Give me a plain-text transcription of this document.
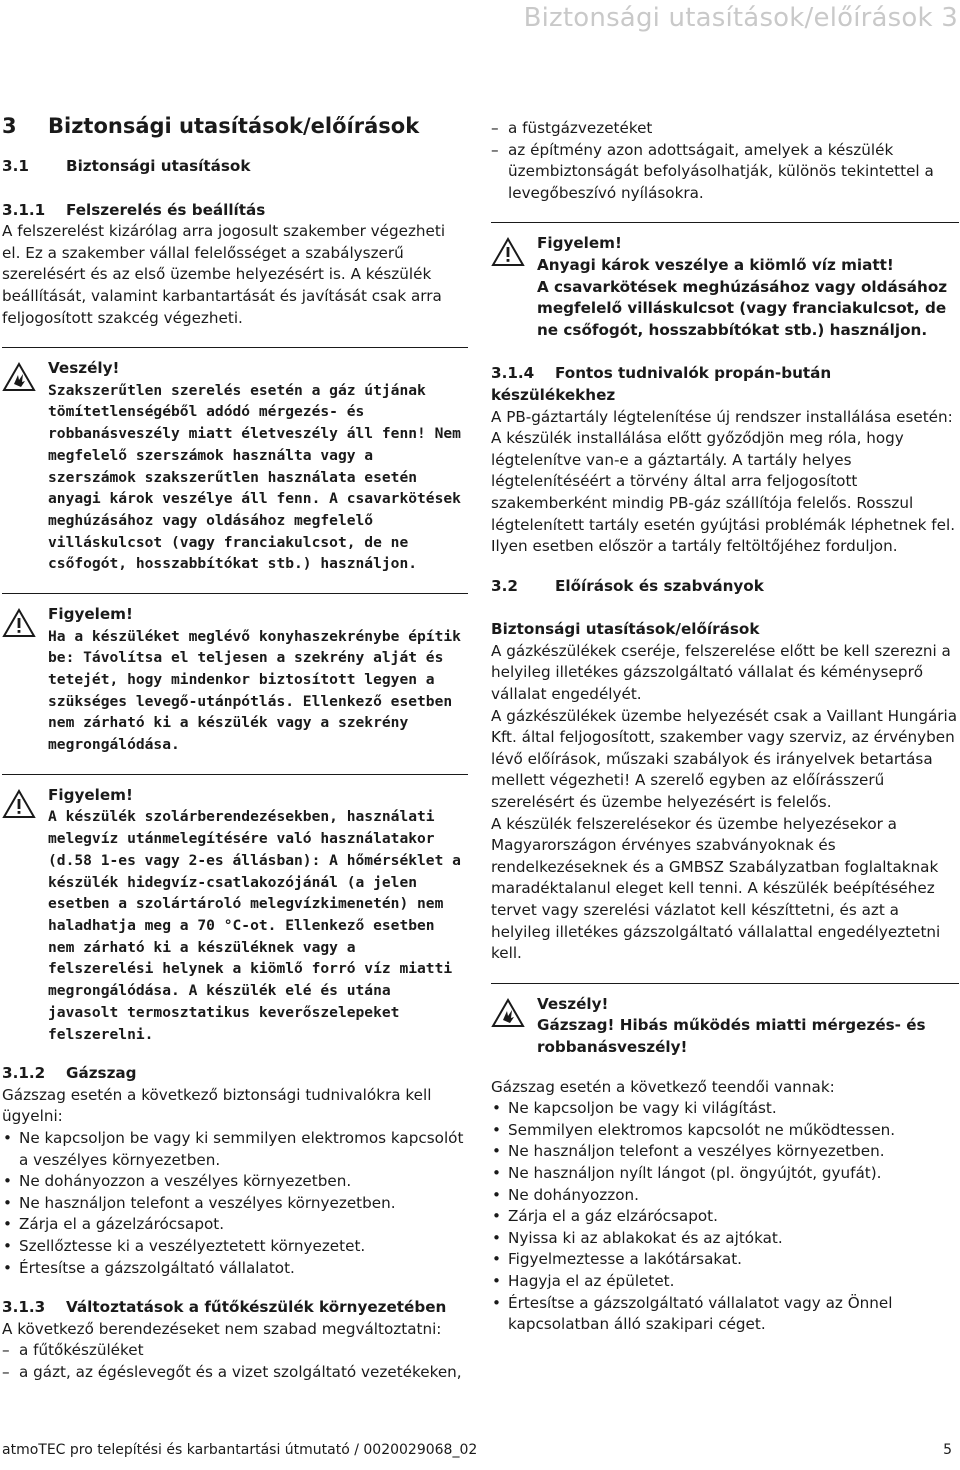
Biztonsági utasítások/előírások 3
3 Biztonsági utasítások/előírások
3.1 Biztonsági utasítások
3.1.1 Felszerelés és beállítás

A felszerelést kizárólag arra jogosult szakember végezheti el. Ez a szakember vállal felelősséget a szabályszerű szerelésért és az első üzembe helyezésért is. A készülék beállítását, valamint karbantartását és javítását csak arra feljogosított szakcég végezheti.

Veszély!
Szakszerűtlen szerelés esetén a gáz útjának tömítetlenségéből adódó mérgezés- és robbanásveszély miatt életveszély áll fenn! Nem megfelelő szerszámok használta vagy a szerszámok szakszerűtlen használata esetén anyagi károk veszélye áll fenn. A csavarkötések meghúzásához vagy oldásához megfelelő villáskulcsot (vagy franciakulcsot, de ne csőfogót, hosszabbítókat stb.) használjon.
Figyelem!
Ha a készüléket meglévő konyhaszekrénybe építik be: Távolítsa el teljesen a szekrény alját és tetejét, hogy mindenkor biztosított legyen a szükséges levegő-utánpótlás. Ellenkező esetben nem zárható ki a készülék vagy a szekrény megrongálódása.
Figyelem!
A készülék szolárberendezésekben, használati melegvíz utánmelegítésére való használatakor (d.58 1-es vagy 2-es állásban): A hőmérséklet a készülék hidegvíz-csatlakozójánál (a jelen esetben a szolártároló melegvízkimenetén) nem haladhatja meg a 70 °C-ot. Ellenkező esetben nem zárható ki a készüléknek vagy a felszerelési helynek a kiömlő forró víz miatti megrongálódása. A készülék elé és utána javasolt termosztatikus keverőszelepeket felszerelni.
3.1.2 Gázszag

Gázszag esetén a következő biztonsági tudnivalókra kell ügyelni:

• Ne kapcsoljon be vagy ki semmilyen elektromos kapcsolót a veszélyes környezetben.
• Ne dohányozzon a veszélyes környezetben.
• Ne használjon telefont a veszélyes környezetben.
• Zárja el a gázelzárócsapot.
• Szellőztesse ki a veszélyeztetett környezetet.
• Értesítse a gázszolgáltató vállalatot.
3.1.3 Változtatások a fűtőkészülék környezetében

A következő berendezéseket nem szabad megváltoztatni:

– a fűtőkészüléket
– a gázt, az égéslevegőt és a vizet szolgáltató vezetékeken,
– a füstgázvezetéket
– az építmény azon adottságait, amelyek a készülék üzembiztonságát befolyásolhatják, különös tekintettel a levegőbeszívó nyílásokra.
Figyelem!
Anyagi károk veszélye a kiömlő víz miatt!
A csavarkötések meghúzásához vagy oldásához megfelelő villáskulcsot (vagy franciakulcsot, de ne csőfogót, hosszabbítókat stb.) használjon.
3.1.4 Fontos tudnivalók propán-bután készülékekhez

A PB-gáztartály légtelenítése új rendszer installálása esetén:
A készülék installálása előtt győződjön meg róla, hogy légtelenítve van-e a gáztartály. A tartály helyes légtelenítéséért a törvény által arra feljogosított szakemberként mindig PB-gáz szállítója felelős. Rosszul légtelenített tartály esetén gyújtási problémák léphetnek fel. Ilyen esetben először a tartály feltöltőjéhez forduljon.

3.2 Előírások és szabványok
Biztonsági utasítások/előírások

A gázkészülékek cseréje, felszerelése előtt be kell szerezni a helyileg illetékes gázszolgáltató vállalat és kéményseprő vállalat engedélyét.

A gázkészülékek üzembe helyezését csak a Vaillant Hungária Kft. által feljogosított, szakember vagy szerviz, az érvényben lévő előírások, műszaki szabályok és irányelvek betartása mellett végezheti! A szerelő egyben az előírásszerű szerelésért és üzembe helyezésért is felelős.

A készülék felszerelésekor és üzembe helyezésekor a Magyarországon érvényes szabványoknak és rendelkezéseknek és a GMBSZ Szabályzatban foglaltaknak maradéktalanul eleget kell tenni. A készülék beépítéséhez tervet vagy szerelési vázlatot kell készíttetni, és azt a helyileg illetékes gázszolgáltató vállalattal engedélyeztetni kell.

Veszély!
Gázszag! Hibás működés miatti mérgezés- és robbanásveszély!

Gázszag esetén a következő teendői vannak:

• Ne kapcsoljon be vagy ki világítást.
• Semmilyen elektromos kapcsolót ne működtessen.
• Ne használjon telefont a veszélyes környezetben.
• Ne használjon nyílt lángot (pl. öngyújtót, gyufát).
• Ne dohányozzon.
• Zárja el a gáz elzárócsapot.
• Nyissa ki az ablakokat és az ajtókat.
• Figyelmeztesse a lakótársakat.
• Hagyja el az épületet.
• Értesítse a gázszolgáltató vállalatot vagy az Önnel kapcsolatban álló szakipari céget.
atmoTEC pro telepítési és karbantartási útmutató / 0020029068_02	5
